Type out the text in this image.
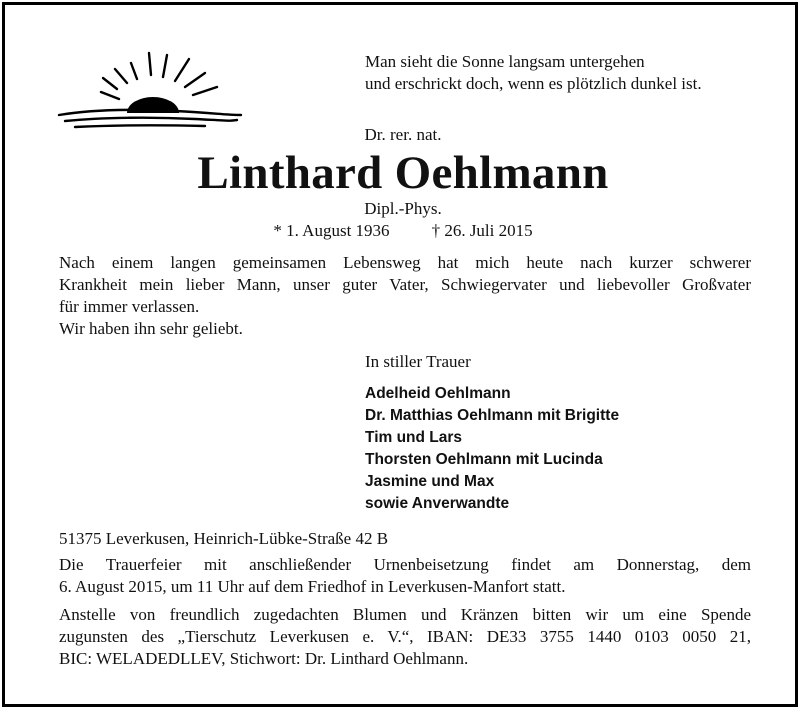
Man sieht die Sonne langsam untergehen
und erschrickt doch, wenn es plötzlich dunkel ist.
Dr. rer. nat.
Linthard Oehlmann
Dipl.-Phys.
* 1. August 1936 † 26. Juli 2015
Nach einem langen gemeinsamen Lebensweg hat mich heute nach kurzer schwerer
Krankheit mein lieber Mann, unser guter Vater, Schwiegervater und liebevoller Großvater
für immer verlassen.
Wir haben ihn sehr geliebt.
In stiller Trauer
Adelheid Oehlmann
Dr. Matthias Oehlmann mit Brigitte
Tim und Lars
Thorsten Oehlmann mit Lucinda
Jasmine und Max
sowie Anverwandte
51375 Leverkusen, Heinrich-Lübke-Straße 42 B
Die Trauerfeier mit anschließender Urnenbeisetzung findet am Donnerstag, dem
6. August 2015, um 11 Uhr auf dem Friedhof in Leverkusen-Manfort statt.
Anstelle von freundlich zugedachten Blumen und Kränzen bitten wir um eine Spende
zugunsten des „Tierschutz Leverkusen e. V.“, IBAN: DE33 3755 1440 0103 0050 21,
BIC: WELADEDLLEV, Stichwort: Dr. Linthard Oehlmann.
